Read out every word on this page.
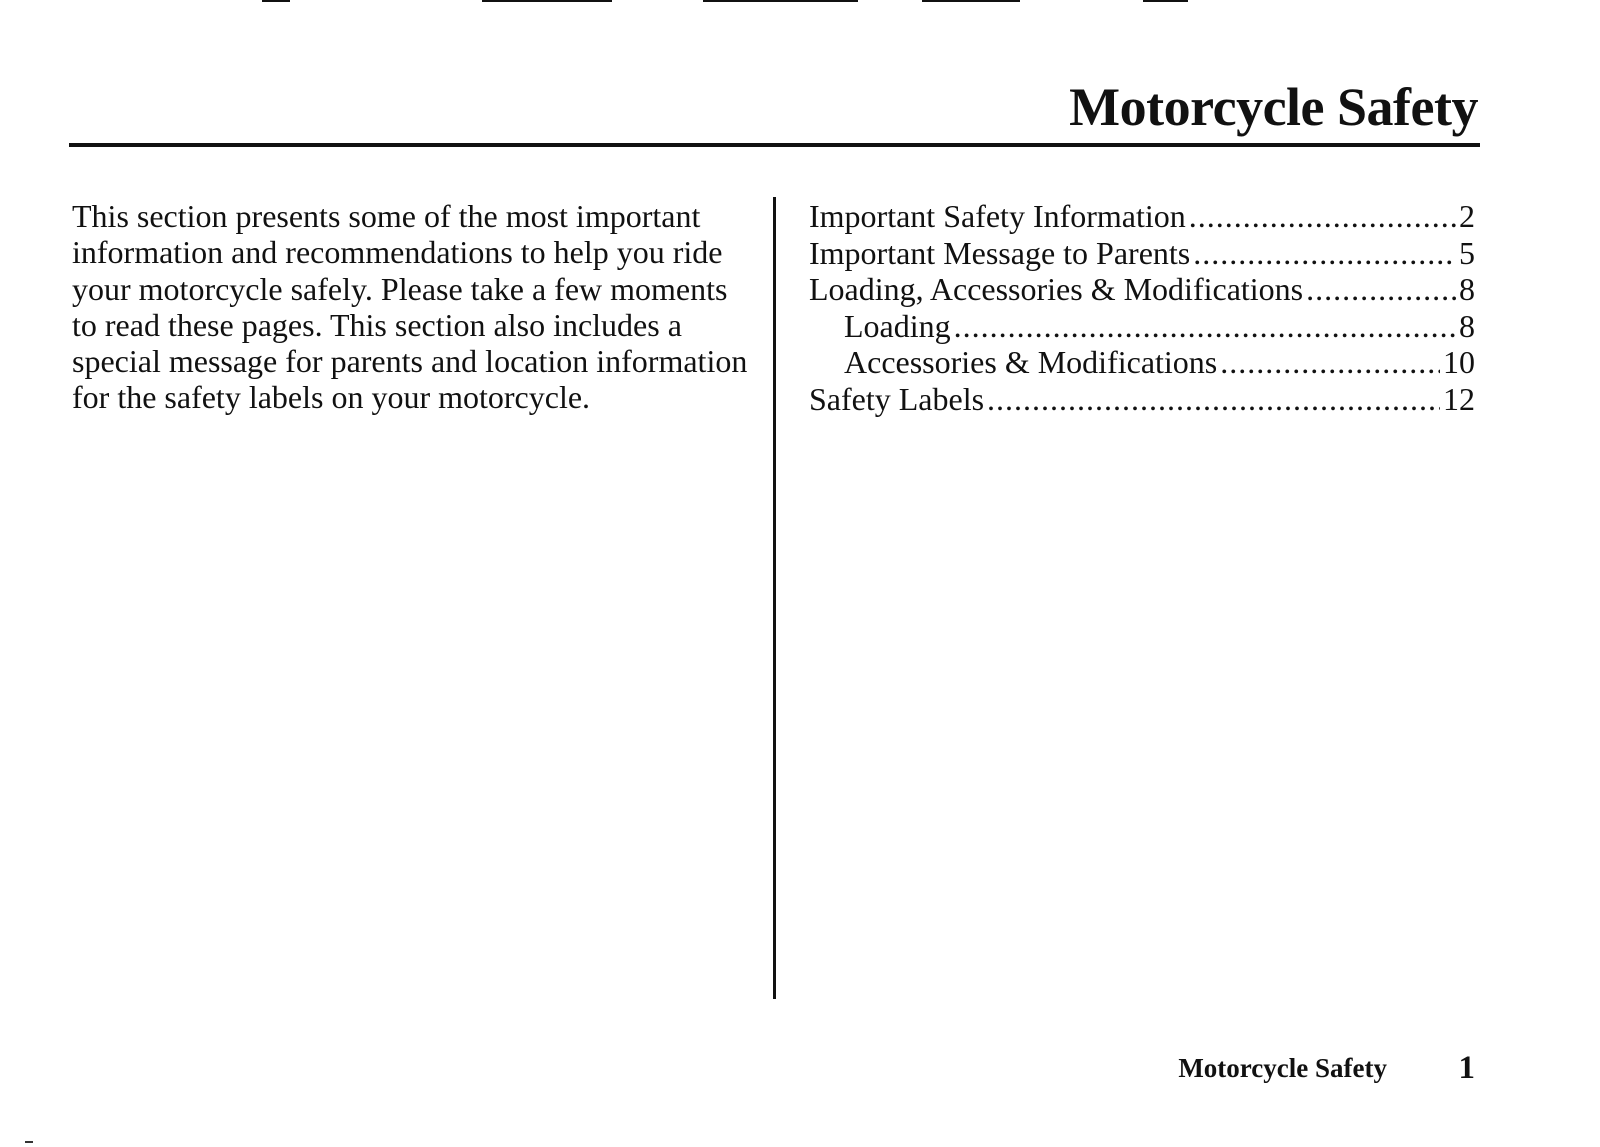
Motorcycle Safety

This section presents some of the most important information and recommendations to help you ride your motorcycle safely. Please take a few moments to read these pages. This section also includes a special message for parents and location information for the safety labels on your motorcycle.

Important Safety Information .....	2
Important Message to Parents .....	5
Loading, Accessories & Modifications .....	8
Loading .....	8
Accessories & Modifications .....	10
Safety Labels .....	12
Motorcycle Safety 1
